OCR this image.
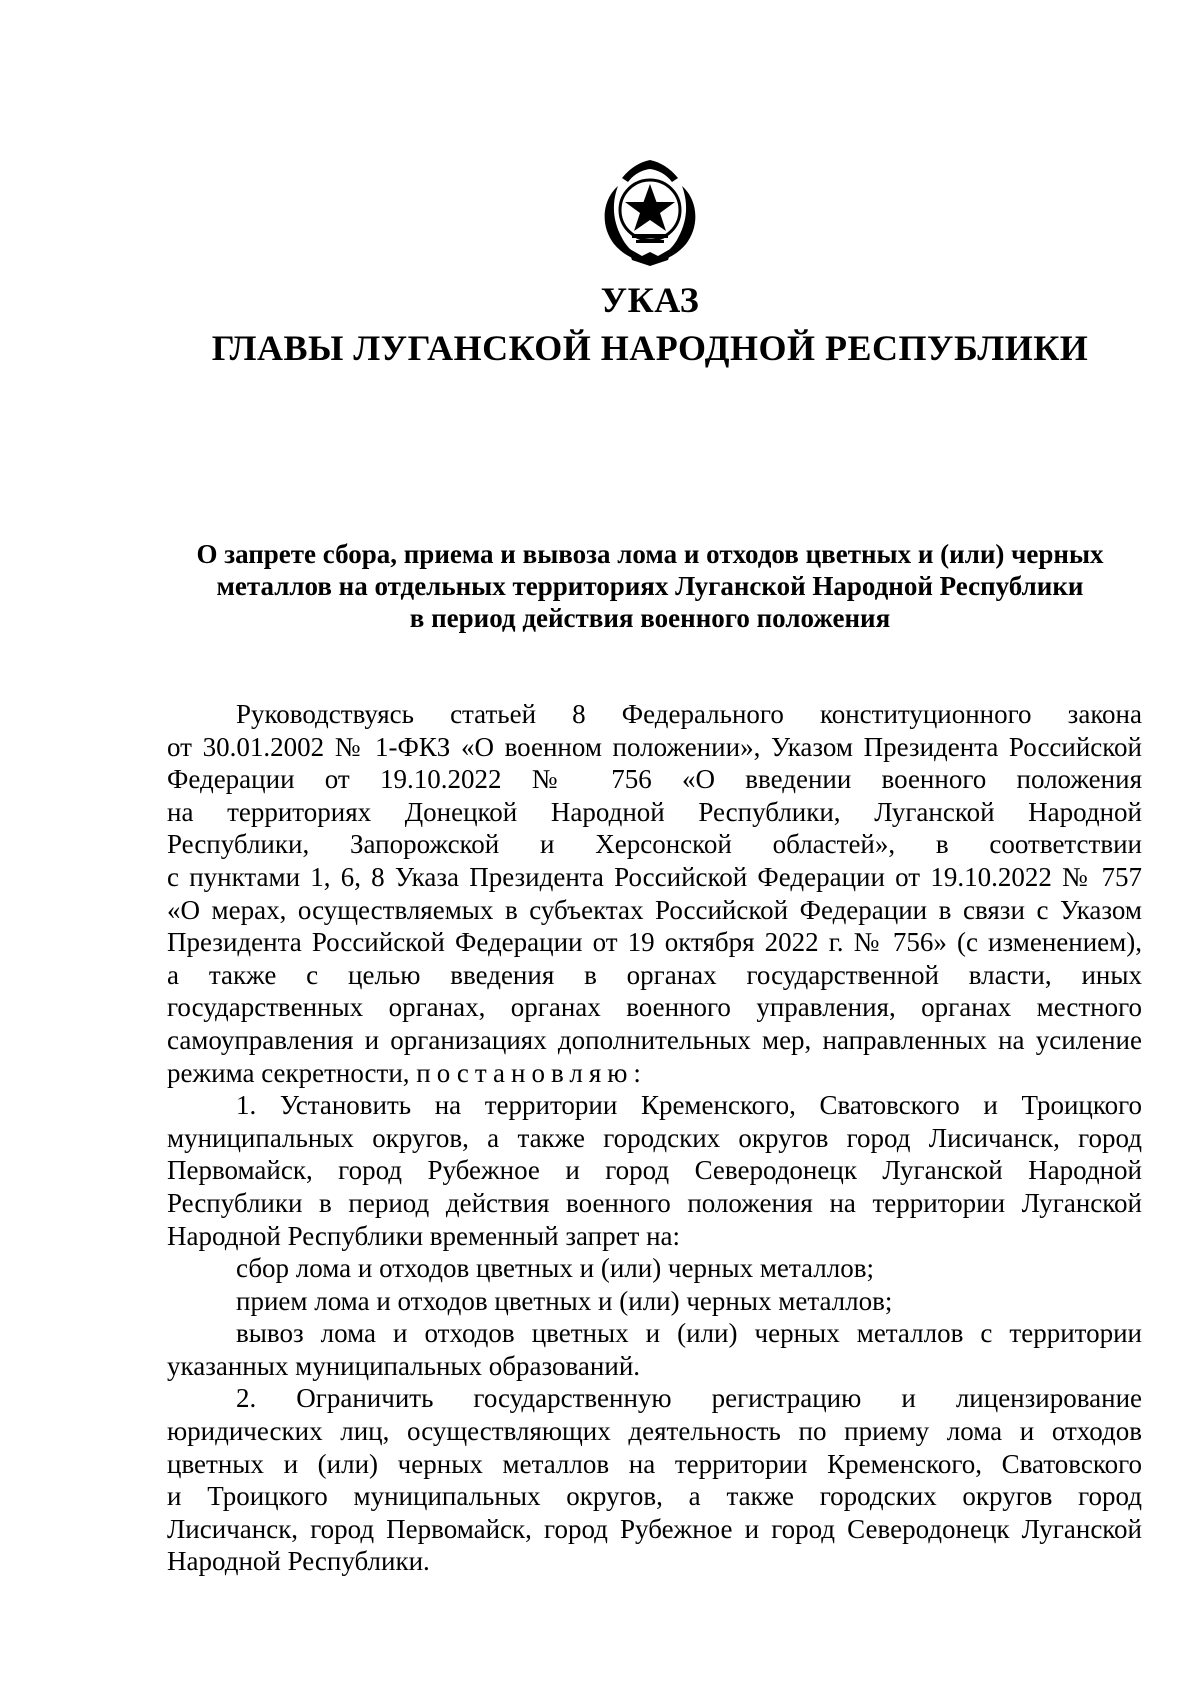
УКАЗ
ГЛАВЫ ЛУГАНСКОЙ НАРОДНОЙ РЕСПУБЛИКИ
О запрете сбора, приема и вывоза лома и отходов цветных и (или) черных
металлов на отдельных территориях Луганской Народной Республики
в период действия военного положения
Руководствуясь статьей 8 Федерального конституционного закона
от 30.01.2002 № 1-ФКЗ «О военном положении», Указом Президента Российской
Федерации от 19.10.2022 № 756 «О введении военного положения
на территориях Донецкой Народной Республики, Луганской Народной
Республики, Запорожской и Херсонской областей», в соответствии
с пунктами 1, 6, 8 Указа Президента Российской Федерации от 19.10.2022 № 757
«О мерах, осуществляемых в субъектах Российской Федерации в связи с Указом
Президента Российской Федерации от 19 октября 2022 г. № 756» (с изменением),
а также с целью введения в органах государственной власти, иных
государственных органах, органах военного управления, органах местного
самоуправления и организациях дополнительных мер, направленных на усиление
режима секретности, постановляю:
1. Установить на территории Кременского, Сватовского и Троицкого
муниципальных округов, а также городских округов город Лисичанск, город
Первомайск, город Рубежное и город Северодонецк Луганской Народной
Республики в период действия военного положения на территории Луганской
Народной Республики временный запрет на:
сбор лома и отходов цветных и (или) черных металлов;
прием лома и отходов цветных и (или) черных металлов;
вывоз лома и отходов цветных и (или) черных металлов с территории
указанных муниципальных образований.
2. Ограничить государственную регистрацию и лицензирование
юридических лиц, осуществляющих деятельность по приему лома и отходов
цветных и (или) черных металлов на территории Кременского, Сватовского
и Троицкого муниципальных округов, а также городских округов город
Лисичанск, город Первомайск, город Рубежное и город Северодонецк Луганской
Народной Республики.
